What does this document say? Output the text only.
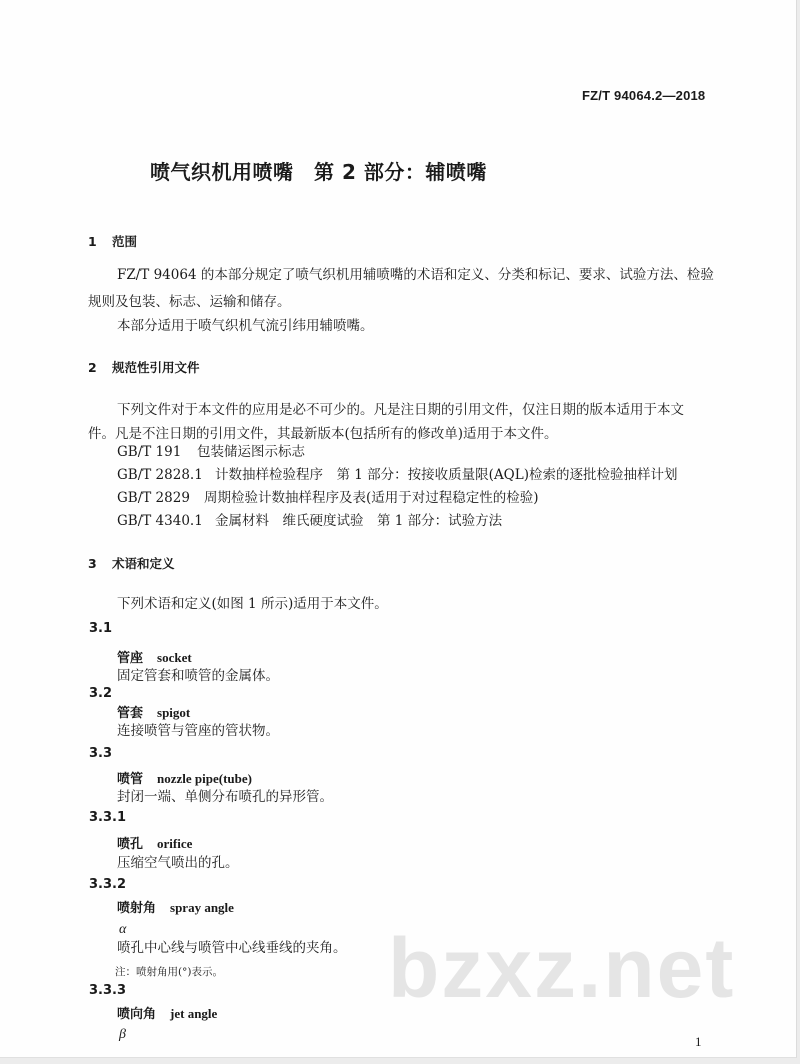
FZ/T 94064.2—2018
喷气织机用喷嘴　第 2 部分：辅喷嘴
1 范围
FZ/T 94064 的本部分规定了喷气织机用辅喷嘴的术语和定义、分类和标记、要求、试验方法、检验
规则及包装、标志、运输和储存。
本部分适用于喷气织机气流引纬用辅喷嘴。
2 规范性引用文件
下列文件对于本文件的应用是必不可少的。凡是注日期的引用文件，仅注日期的版本适用于本文
件。凡是不注日期的引用文件，其最新版本(包括所有的修改单)适用于本文件。
GB/T 191 包装储运图示标志
GB/T 2828.1 计数抽样检验程序　第 1 部分：按接收质量限(AQL)检索的逐批检验抽样计划
GB/T 2829 周期检验计数抽样程序及表(适用于对过程稳定性的检验)
GB/T 4340.1 金属材料　维氏硬度试验　第 1 部分：试验方法
3 术语和定义
下列术语和定义(如图 1 所示)适用于本文件。
3.1
管座 socket
固定管套和喷管的金属体。
3.2
管套 spigot
连接喷管与管座的管状物。
3.3
喷管 nozzle pipe(tube)
封闭一端、单侧分布喷孔的异形管。
3.3.1
喷孔 orifice
压缩空气喷出的孔。
3.3.2
喷射角 spray angle
α
喷孔中心线与喷管中心线垂线的夹角。
注：喷射角用(°)表示。
3.3.3
喷向角 jet angle
β
bzxz.net
1
